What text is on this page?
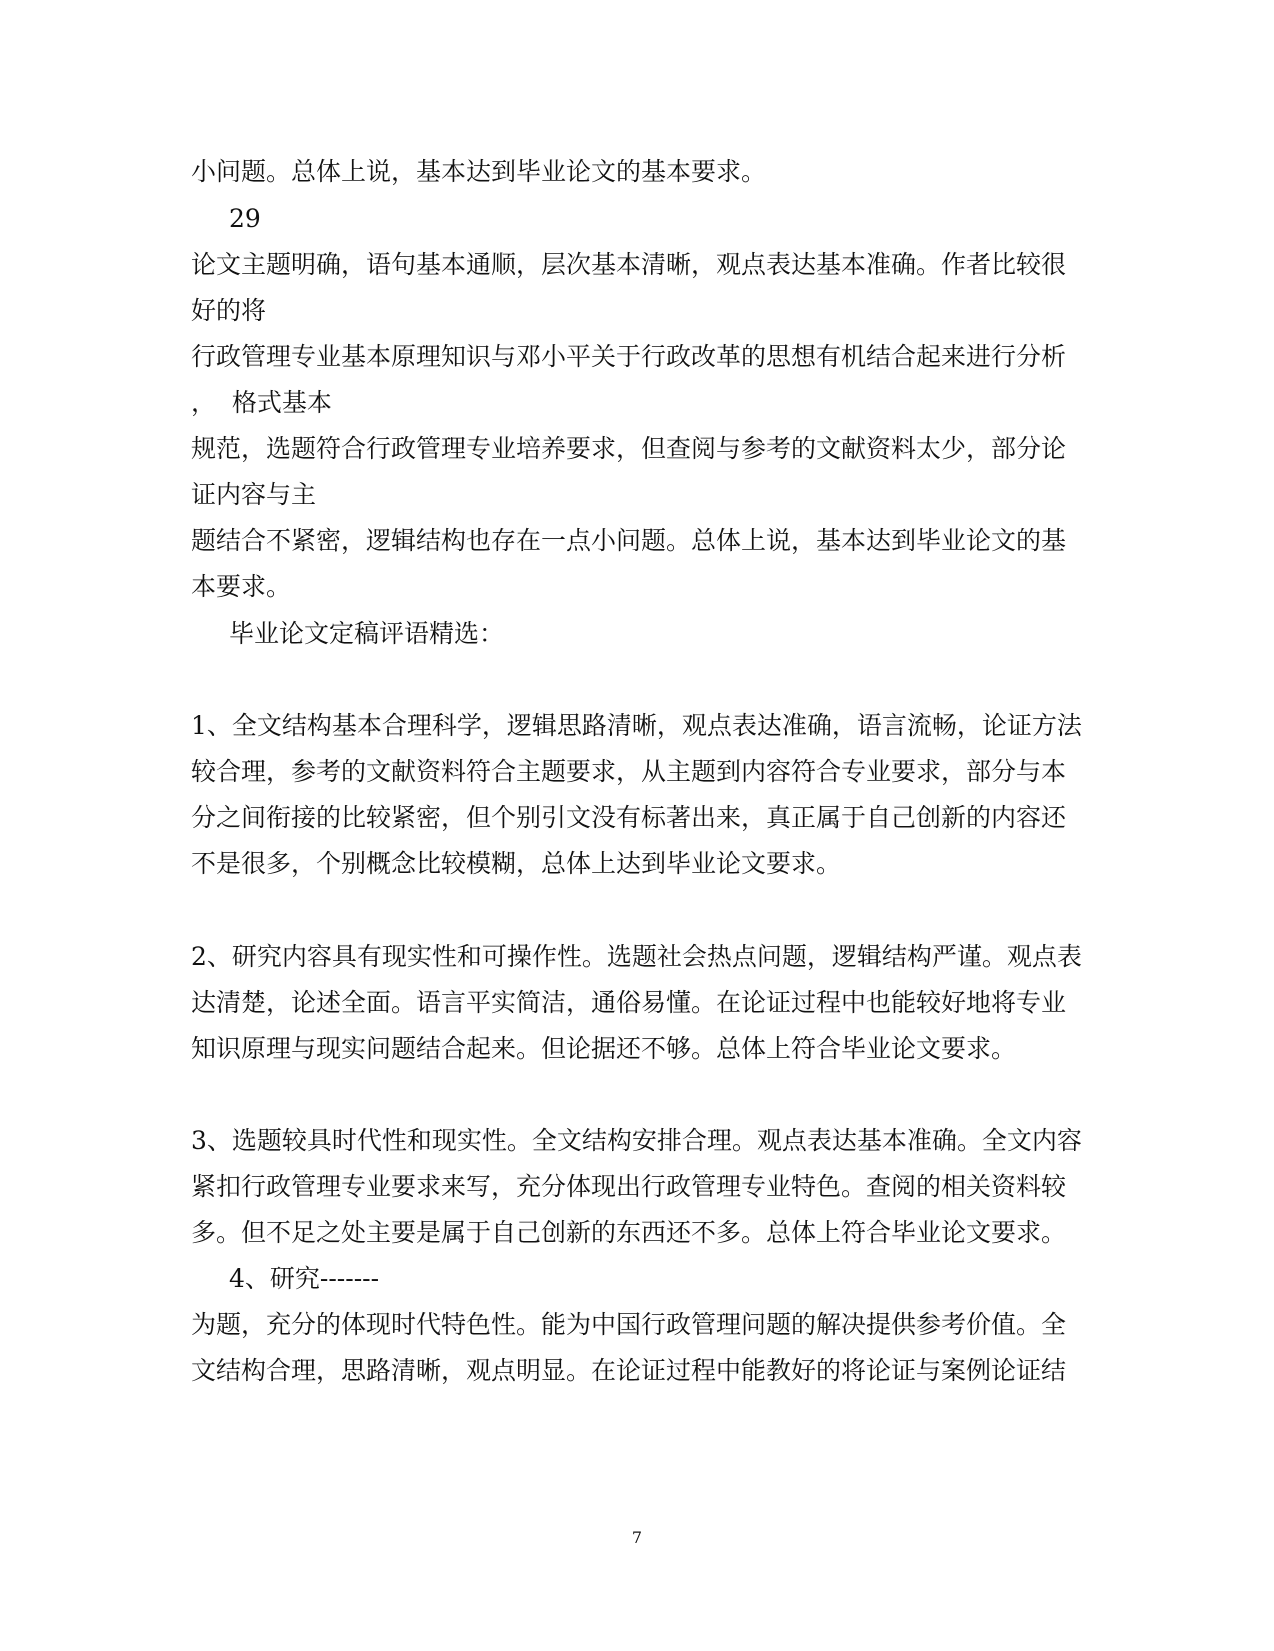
小问题。总体上说，基本达到毕业论文的基本要求。
29
论文主题明确，语句基本通顺，层次基本清晰，观点表达基本准确。作者比较很
好的将
行政管理专业基本原理知识与邓小平关于行政改革的思想有机结合起来进行分析
，  格式基本
规范，选题符合行政管理专业培养要求，但查阅与参考的文献资料太少，部分论
证内容与主
题结合不紧密，逻辑结构也存在一点小问题。总体上说，基本达到毕业论文的基
本要求。
毕业论文定稿评语精选：
1、全文结构基本合理科学，逻辑思路清晰，观点表达准确，语言流畅，论证方法
较合理，参考的文献资料符合主题要求，从主题到内容符合专业要求，部分与本
分之间衔接的比较紧密，但个别引文没有标著出来，真正属于自己创新的内容还
不是很多，个别概念比较模糊，总体上达到毕业论文要求。
2、研究内容具有现实性和可操作性。选题社会热点问题，逻辑结构严谨。观点表
达清楚，论述全面。语言平实简洁，通俗易懂。在论证过程中也能较好地将专业
知识原理与现实问题结合起来。但论据还不够。总体上符合毕业论文要求。
3、选题较具时代性和现实性。全文结构安排合理。观点表达基本准确。全文内容
紧扣行政管理专业要求来写，充分体现出行政管理专业特色。查阅的相关资料较
多。但不足之处主要是属于自己创新的东西还不多。总体上符合毕业论文要求。
4、研究-------
为题，充分的体现时代特色性。能为中国行政管理问题的解决提供参考价值。全
文结构合理，思路清晰，观点明显。在论证过程中能教好的将论证与案例论证结
7
